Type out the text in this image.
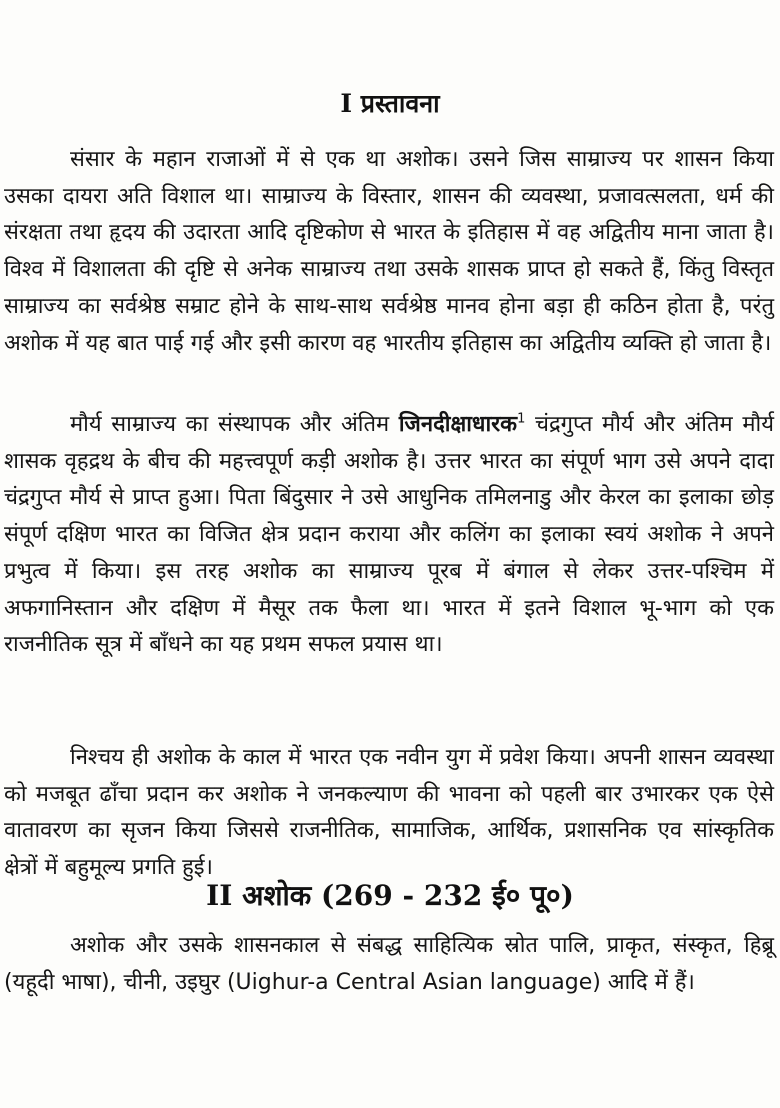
I प्रस्तावना

संसार के महान राजाओं में से एक था अशोक। उसने जिस साम्राज्य पर शासन किया उसका दायरा अति विशाल था। साम्राज्य के विस्तार, शासन की व्यवस्था, प्रजावत्सलता, धर्म की संरक्षता तथा हृदय की उदारता आदि दृष्टिकोण से भारत के इतिहास में वह अद्वितीय माना जाता है। विश्व में विशालता की दृष्टि से अनेक साम्राज्य तथा उसके शासक प्राप्त हो सकते हैं, किंतु विस्तृत साम्राज्य का सर्वश्रेष्ठ सम्राट होने के साथ-साथ सर्वश्रेष्ठ मानव होना बड़ा ही कठिन होता है, परंतु अशोक में यह बात पाई गई और इसी कारण वह भारतीय इतिहास का अद्वितीय व्यक्ति हो जाता है।

मौर्य साम्राज्य का संस्थापक और अंतिम जिनदीक्षाधारक$^1$ चंद्रगुप्त मौर्य और अंतिम मौर्य शासक वृहद्रथ के बीच की महत्त्वपूर्ण कड़ी अशोक है। उत्तर भारत का संपूर्ण भाग उसे अपने दादा चंद्रगुप्त मौर्य से प्राप्त हुआ। पिता बिंदुसार ने उसे आधुनिक तमिलनाडु और केरल का इलाका छोड़ संपूर्ण दक्षिण भारत का विजित क्षेत्र प्रदान कराया और कलिंग का इलाका स्वयं अशोक ने अपने प्रभुत्व में किया। इस तरह अशोक का साम्राज्य पूरब में बंगाल से लेकर उत्तर-पश्चिम में अफगानिस्तान और दक्षिण में मैसूर तक फैला था। भारत में इतने विशाल भू-भाग को एक राजनीतिक सूत्र में बाँधने का यह प्रथम सफल प्रयास था।

निश्चय ही अशोक के काल में भारत एक नवीन युग में प्रवेश किया। अपनी शासन व्यवस्था को मजबूत ढाँचा प्रदान कर अशोक ने जनकल्याण की भावना को पहली बार उभारकर एक ऐसे वातावरण का सृजन किया जिससे राजनीतिक, सामाजिक, आर्थिक, प्रशासनिक एव सांस्कृतिक क्षेत्रों में बहुमूल्य प्रगति हुई।

II अशोक (269 - 232 ई० पू०)

अशोक और उसके शासनकाल से संबद्ध साहित्यिक स्रोत पालि, प्राकृत, संस्कृत, हिब्रू (यहूदी भाषा), चीनी, उइघुर (Uighur-a Central Asian language) आदि में हैं।
